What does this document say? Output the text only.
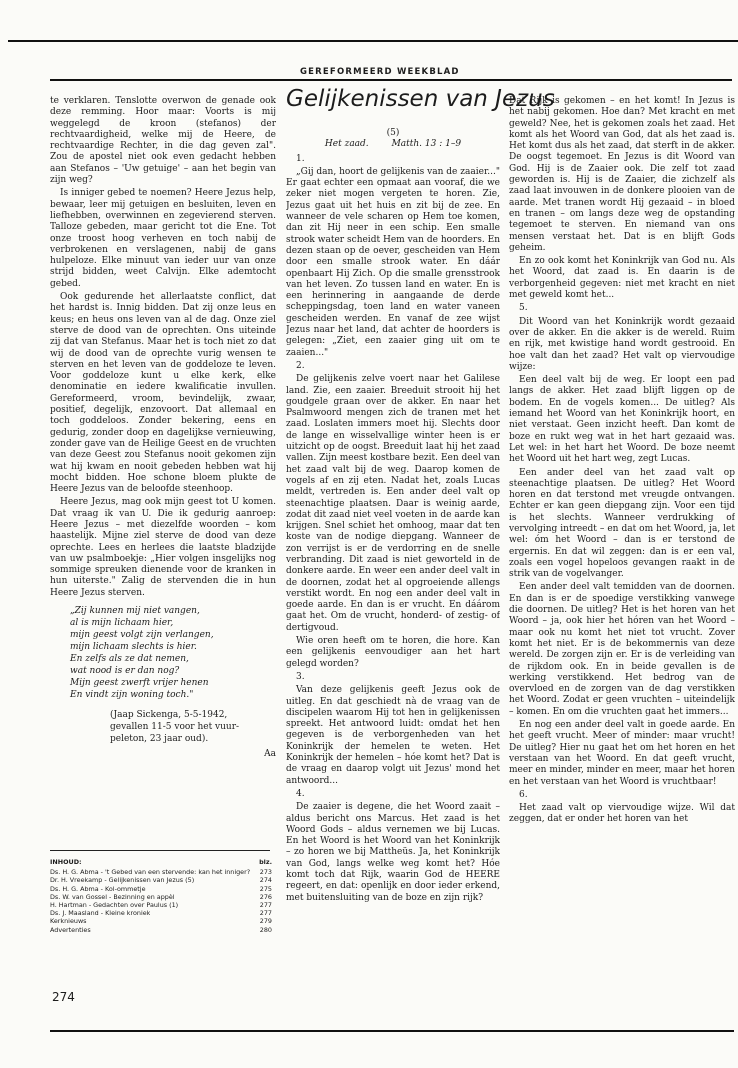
GEREFORMEERD WEEKBLAD
Gelijkenissen van Jezus

te verklaren. Tenslotte overwon de genade ook deze remming. Hoor maar: Voorts is mij weggelegd de kroon (stefanos) der rechtvaardigheid, welke mij de Heere, de rechtvaardige Rechter, in die dag geven zal". Zou de apostel niet ook even gedacht hebben aan Stefanos – 'Uw getuige' – aan het begin van zijn weg?

Is inniger gebed te noemen? Heere Jezus help, bewaar, leer mij getuigen en besluiten, leven en liefhebben, overwinnen en zegevierend sterven. Talloze gebeden, maar gericht tot die Ene. Tot onze troost hoog verheven en toch nabij de verbrokenen en verslagenen, nabij de gans hulpeloze. Elke minuut van ieder uur van onze strijd bidden, weet Calvijn. Elke ademtocht gebed.

Ook gedurende het allerlaatste conflict, dat het hardst is. Innig bidden. Dat zij onze leus en keus; en heus ons leven van al de dag. Onze ziel sterve de dood van de oprechten. Ons uiteinde zij dat van Stefanus. Maar het is toch niet zo dat wij de dood van de oprechte vurig wensen te sterven en het leven van de goddeloze te leven. Voor goddeloze kunt u elke kerk, elke denominatie en iedere kwalificatie invullen. Gereformeerd, vroom, bevindelijk, zwaar, positief, degelijk, enzovoort. Dat allemaal en toch goddeloos. Zonder bekering, eens en gedurig, zonder doop en dagelijkse vernieuwing, zonder gave van de Heilige Geest en de vruchten van deze Geest zou Stefanus nooit gekomen zijn wat hij kwam en nooit gebeden hebben wat hij mocht bidden. Hoe schone bloem plukte de Heere Jezus van de beloofde steenhoop.

Heere Jezus, mag ook mijn geest tot U komen. Dat vraag ik van U. Die ik gedurig aanroep: Heere Jezus – met diezelfde woorden – kom haastelijk. Mijne ziel sterve de dood van deze oprechte. Lees en herlees die laatste bladzijde van uw psalmboekje: „Hier volgen insgelijks nog sommige spreuken dienende voor de kranken in hun uiterste." Zalig de stervenden die in hun Heere Jezus sterven.

„Zij kunnen mij niet vangen,
al is mijn lichaam hier,
mijn geest volgt zijn verlangen,
mijn lichaam slechts is hier.
En zelfs als ze dat nemen,
wat nood is er dan nog?
Mijn geest zwerft vrijer henen
En vindt zijn woning toch."
(Jaap Sickenga, 5-5-1942,
gevallen 11-5 voor het vuur-
peleton, 23 jaar oud).
Aa
INHOUD:	blz.
Ds. H. G. Abma - 't Gebed van een stervende: kan het inniger?	273
Dr. H. Vreekamp - Gelijkenissen van Jezus (5)	274
Ds. H. G. Abma - Kol-ommetje	275
Ds. W. van Gossel - Bezinning en appèl	276
H. Hartman - Gedachten over Paulus (1)	277
Ds. J. Maasland - Kleine kroniek	277
Kerknieuws	279
Advertenties	280
(5)
Het zaad.	Matth. 13 : 1–9

1.

„Gij dan, hoort de gelijkenis van de zaaier..." Er gaat echter een opmaat aan vooraf, die we zeker niet mogen vergeten te horen. Zie, Jezus gaat uit het huis en zit bij de zee. En wanneer de vele scharen op Hem toe komen, dan zit Hij neer in een schip. Een smalle strook water scheidt Hem van de hoorders. En dezen staan op de oever, gescheiden van Hem door een smalle strook water. En dáár openbaart Hij Zich. Op die smalle grensstrook van het leven. Zo tussen land en water. En is een herinnering in aangaande de derde scheppingsdag, toen land en water vaneen gescheiden werden. En vanaf de zee wijst Jezus naar het land, dat achter de hoorders is gelegen: „Ziet, een zaaier ging uit om te zaaien..."

2.

De gelijkenis zelve voert naar het Galilese land. Zie, een zaaier. Breeduit strooit hij het goudgele graan over de akker. En naar het Psalmwoord mengen zich de tranen met het zaad. Loslaten immers moet hij. Slechts door de lange en wisselvallige winter heen is er uitzicht op de oogst. Breeduit laat hij het zaad vallen. Zijn meest kostbare bezit. Een deel van het zaad valt bij de weg. Daarop komen de vogels af en zij eten. Nadat het, zoals Lucas meldt, vertreden is. Een ander deel valt op steenachtige plaatsen. Daar is weinig aarde, zodat dit zaad niet veel voeten in de aarde kan krijgen. Snel schiet het omhoog, maar dat ten koste van de nodige diepgang. Wanneer de zon verrijst is er de verdorring en de snelle verbranding. Dit zaad is niet geworteld in de donkere aarde. En weer een ander deel valt in de doornen, zodat het al opgroeiende allengs verstikt wordt. En nog een ander deel valt in goede aarde. En dan is er vrucht. En dáárom gaat het. Om de vrucht, honderd- of zestig- of dertigvoud.

Wie oren heeft om te horen, die hore. Kan een gelijkenis eenvoudiger aan het hart gelegd worden?

3.

Van deze gelijkenis geeft Jezus ook de uitleg. En dat geschiedt nà de vraag van de discipelen waarom Hij tot hen in gelijkenissen spreekt. Het antwoord luidt: omdat het hen gegeven is de verborgenheden van het Koninkrijk der hemelen te weten. Het Koninkrijk der hemelen – hóe komt het? Dat is de vraag en daarop volgt uit Jezus' mond het antwoord...

4.

De zaaier is degene, die het Woord zaait – aldus bericht ons Marcus. Het zaad is het Woord Gods – aldus vernemen we bij Lucas. En het Woord is het Woord van het Koninkrijk – zo horen we bij Mattheüs. Ja, het Koninkrijk van God, langs welke weg komt het? Hóe komt toch dat Rijk, waarin God de HEERE regeert, en dat: openlijk en door ieder erkend, met buitensluiting van de boze en zijn rijk?

Dat Rijk is gekomen – en het komt! In Jezus is het nabij gekomen. Hoe dan? Met kracht en met geweld? Nee, het is gekomen zoals het zaad. Het komt als het Woord van God, dat als het zaad is. Het komt dus als het zaad, dat sterft in de akker. De oogst tegemoet. En Jezus is dit Woord van God. Hij is de Zaaier ook. Die zelf tot zaad geworden is. Hij is de Zaaier, die zichzelf als zaad laat invouwen in de donkere plooien van de aarde. Met tranen wordt Hij gezaaid – in bloed en tranen – om langs deze weg de opstanding tegemoet te sterven. En niemand van ons mensen verstaat het. Dat is en blijft Gods geheim.

En zo ook komt het Koninkrijk van God nu. Als het Woord, dat zaad is. En daarin is de verborgenheid gegeven: niet met kracht en niet met geweld komt het...

5.

Dit Woord van het Koninkrijk wordt gezaaid over de akker. En die akker is de wereld. Ruim en rijk, met kwistige hand wordt gestrooid. En hoe valt dan het zaad? Het valt op viervoudige wijze:

Een deel valt bij de weg. Er loopt een pad langs de akker. Het zaad blijft liggen op de bodem. En de vogels komen... De uitleg? Als iemand het Woord van het Koninkrijk hoort, en niet verstaat. Geen inzicht heeft. Dan komt de boze en rukt weg wat in het hart gezaaid was. Let wel: in het hart het Woord. De boze neemt het Woord uit het hart weg, zegt Lucas.

Een ander deel van het zaad valt op steenachtige plaatsen. De uitleg? Het Woord horen en dat terstond met vreugde ontvangen. Echter er kan geen diepgang zijn. Voor een tijd is het slechts. Wanneer verdrukking of vervolging intreedt – en dat om het Woord, ja, let wel: óm het Woord – dan is er terstond de ergernis. En dat wil zeggen: dan is er een val, zoals een vogel hopeloos gevangen raakt in de strik van de vogelvanger.

Een ander deel valt temidden van de doornen. En dan is er de spoedige verstikking vanwege die doornen. De uitleg? Het is het horen van het Woord – ja, ook hier het hóren van het Woord – maar ook nu komt het niet tot vrucht. Zover komt het niet. Er is de bekommernis van deze wereld. De zorgen zijn er. Er is de verleiding van de rijkdom ook. En in beide gevallen is de werking verstikkend. Het bedrog van de overvloed en de zorgen van de dag verstikken het Woord. Zodat er geen vruchten – uiteindelijk – komen. En om die vruchten gaat het immers...

En nog een ander deel valt in goede aarde. En het geeft vrucht. Meer of minder: maar vrucht! De uitleg? Hier nu gaat het om het horen en het verstaan van het Woord. En dat geeft vrucht, meer en minder, minder en meer, maar het horen en het verstaan van het Woord is vruchtbaar!

6.

Het zaad valt op viervoudige wijze. Wil dat zeggen, dat er onder het horen van het

274
